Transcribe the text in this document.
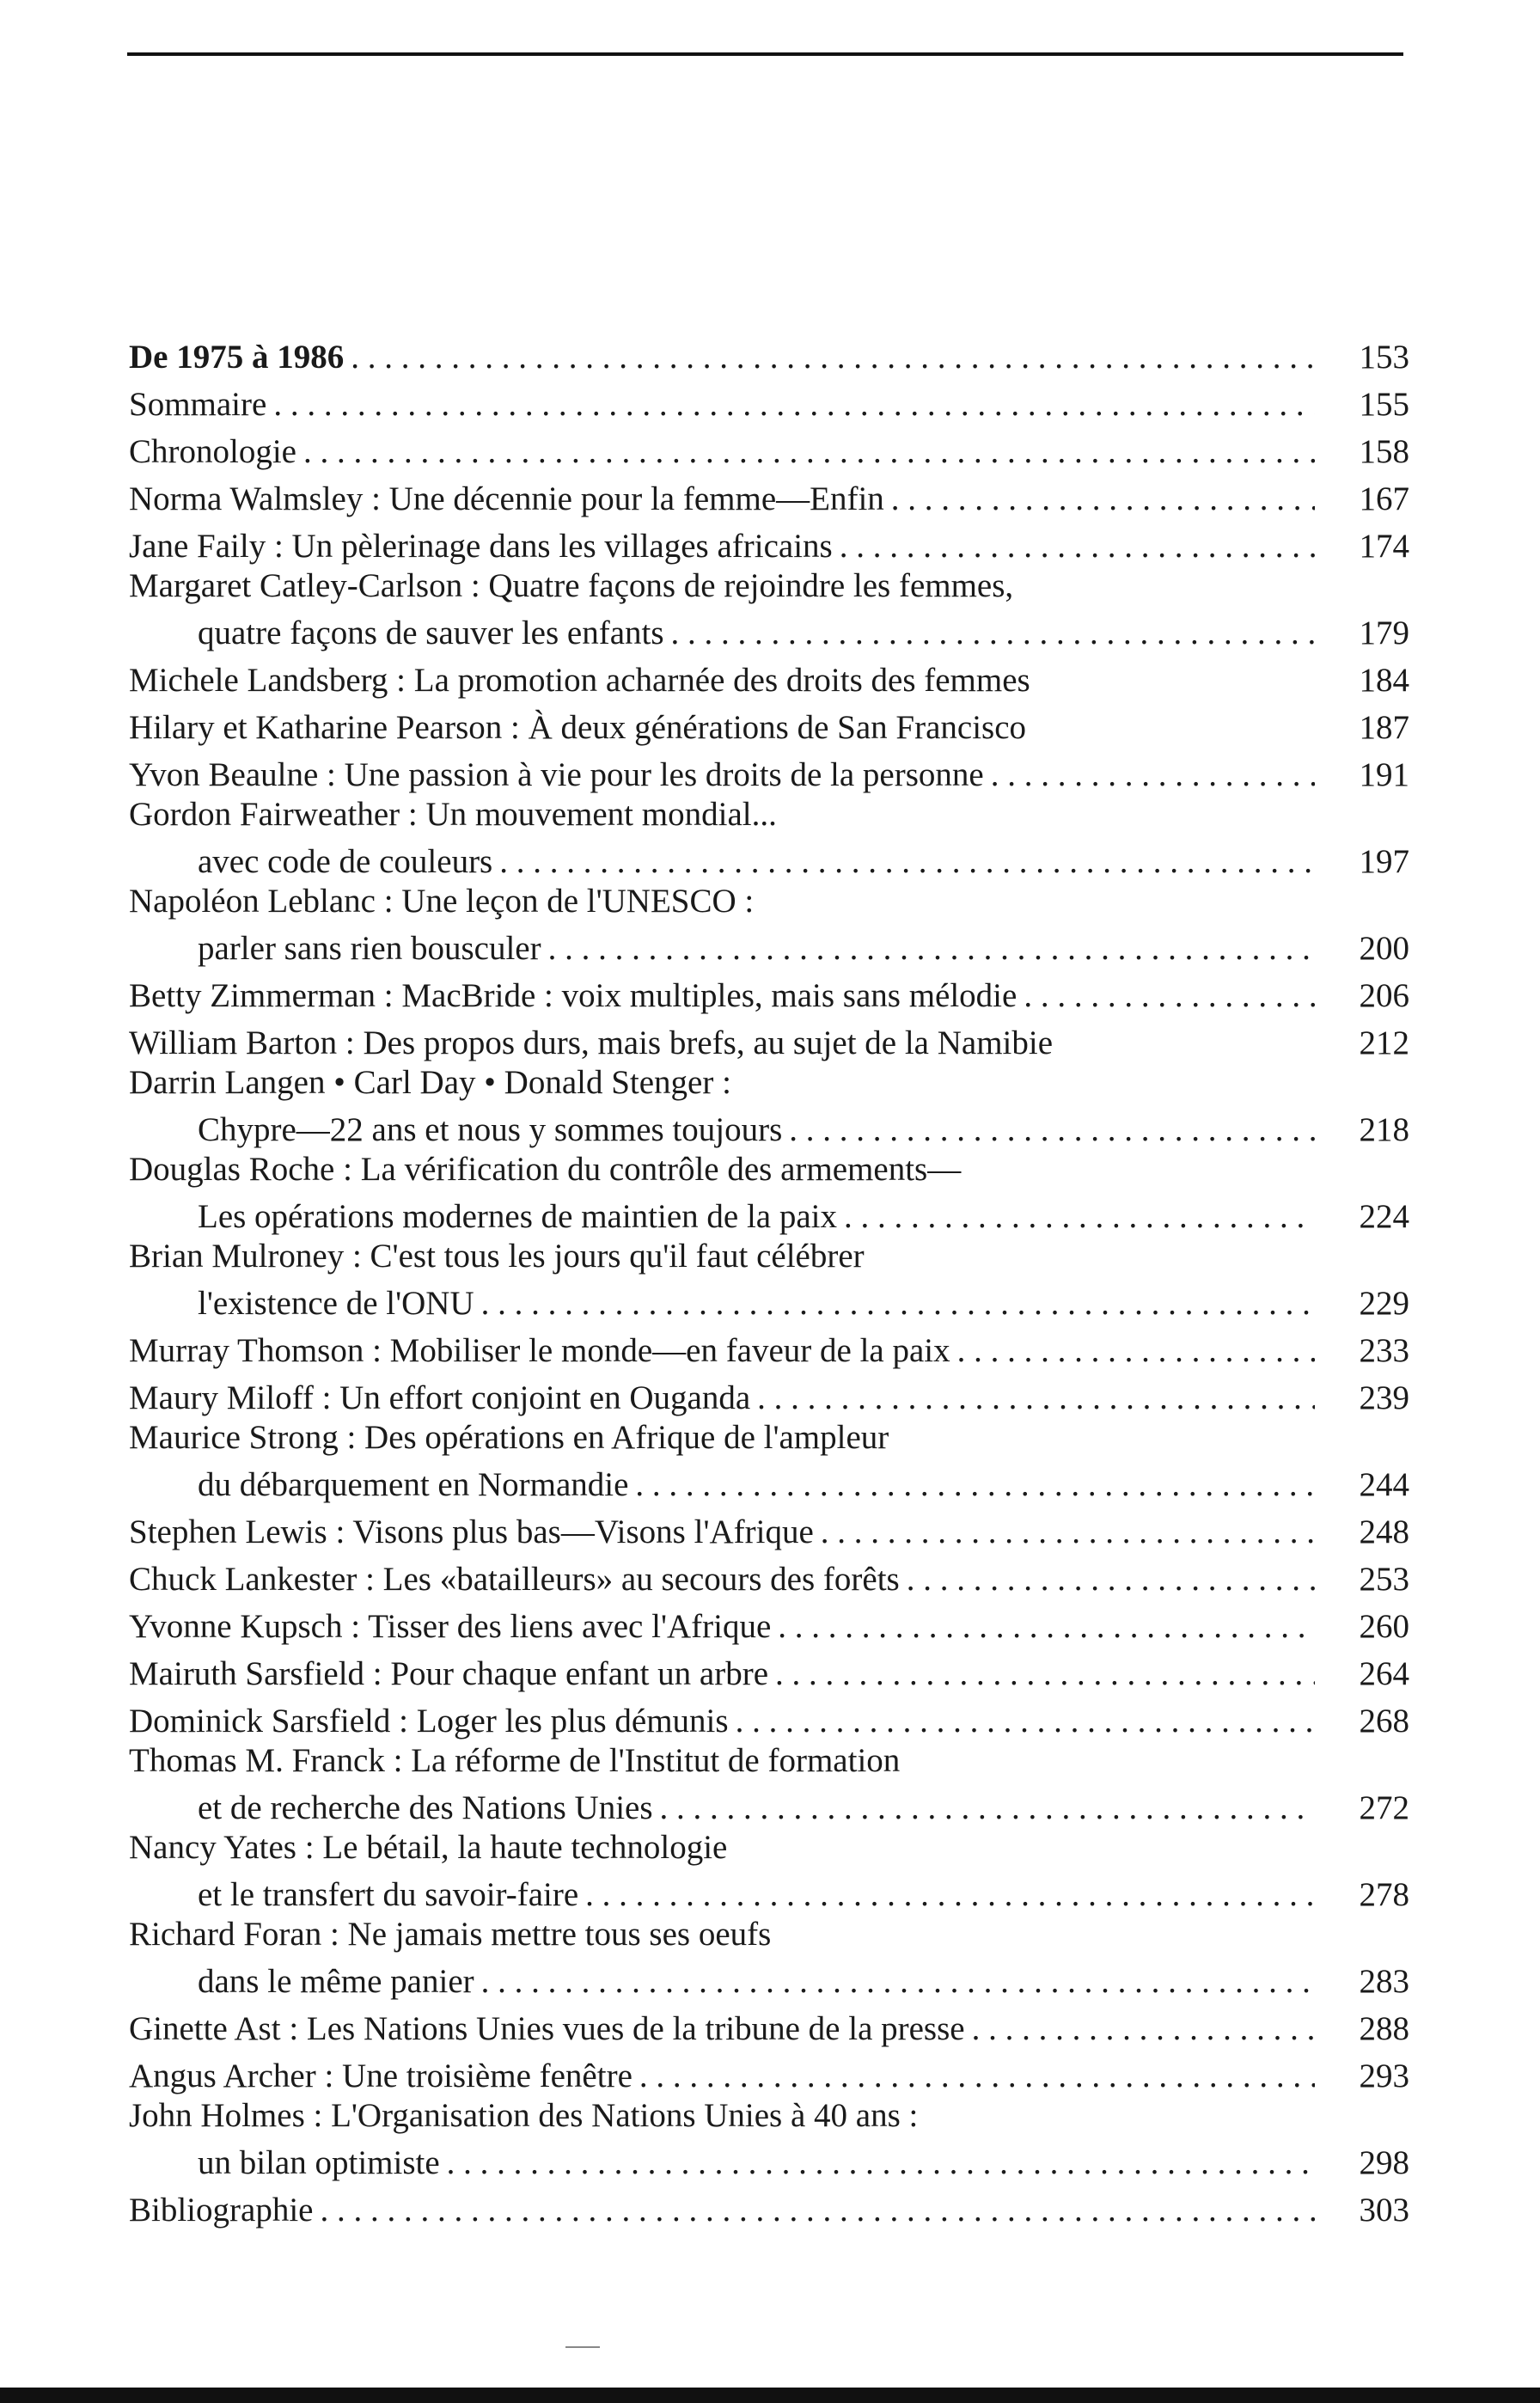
De 1975 à 1986 . . .	153
Sommaire . . .	155
Chronologie . . .	158
Norma Walmsley : Une décennie pour la femme—Enfin . . .	167
Jane Faily : Un pèlerinage dans les villages africains . . .	174
Margaret Catley-Carlson : Quatre façons de rejoindre les femmes,
quatre façons de sauver les enfants . . .	179
Michele Landsberg : La promotion acharnée des droits des femmes	184
Hilary et Katharine Pearson : À deux générations de San Francisco	187
Yvon Beaulne : Une passion à vie pour les droits de la personne . . .	191
Gordon Fairweather : Un mouvement mondial...
avec code de couleurs . . .	197
Napoléon Leblanc : Une leçon de l'UNESCO :
parler sans rien bousculer . . .	200
Betty Zimmerman : MacBride : voix multiples, mais sans mélodie . . .	206
William Barton : Des propos durs, mais brefs, au sujet de la Namibie	212
Darrin Langen • Carl Day • Donald Stenger :
Chypre—22 ans et nous y sommes toujours . . .	218
Douglas Roche : La vérification du contrôle des armements—
Les opérations modernes de maintien de la paix . . .	224
Brian Mulroney : C'est tous les jours qu'il faut célébrer
l'existence de l'ONU . . .	229
Murray Thomson : Mobiliser le monde—en faveur de la paix . . .	233
Maury Miloff : Un effort conjoint en Ouganda . . .	239
Maurice Strong : Des opérations en Afrique de l'ampleur
du débarquement en Normandie . . .	244
Stephen Lewis : Visons plus bas—Visons l'Afrique . . .	248
Chuck Lankester : Les «batailleurs» au secours des forêts . . .	253
Yvonne Kupsch : Tisser des liens avec l'Afrique . . .	260
Mairuth Sarsfield : Pour chaque enfant un arbre . . .	264
Dominick Sarsfield : Loger les plus démunis . . .	268
Thomas M. Franck : La réforme de l'Institut de formation
et de recherche des Nations Unies . . .	272
Nancy Yates : Le bétail, la haute technologie
et le transfert du savoir-faire . . .	278
Richard Foran : Ne jamais mettre tous ses oeufs
dans le même panier . . .	283
Ginette Ast : Les Nations Unies vues de la tribune de la presse . . .	288
Angus Archer : Une troisième fenêtre . . .	293
John Holmes : L'Organisation des Nations Unies à 40 ans :
un bilan optimiste . . .	298
Bibliographie . . .	303
